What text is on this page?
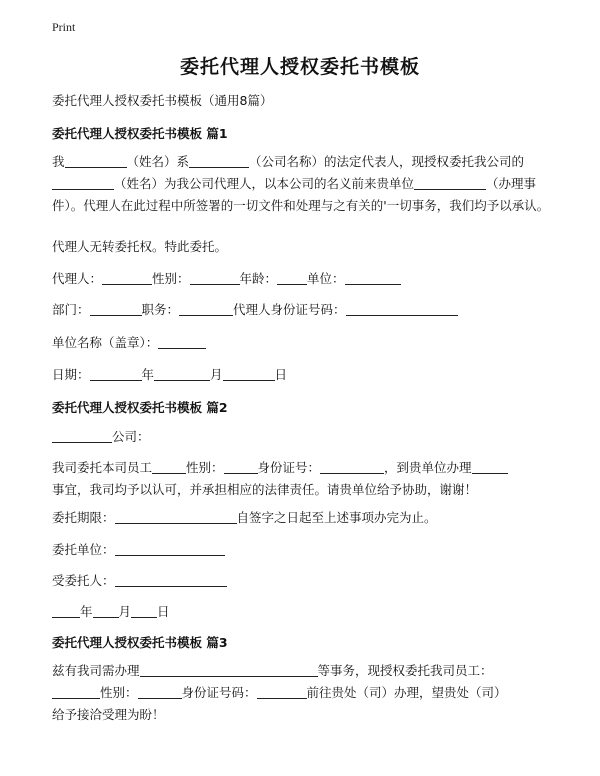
Print
委托代理人授权委托书模板
委托代理人授权委托书模板（通用8篇）
委托代理人授权委托书模板 篇1

我	（姓名）系	（公司名称）的法定代表人，现授权委托我公司的
（姓名）为我公司代理人，以本公司的名义前来贵单位	（办理事
件）。代理人在此过程中所签署的一切文件和处理与之有关的'一切事务，我们均予以承认。

代理人无转委托权。特此委托。
代理人：	性别：	年龄： 单位：
部门：	职务：	代理人身份证号码：
单位名称（盖章）：
日期：	年	月	日
委托代理人授权委托书模板 篇2
公司：

我司委托本司员工	性别：	身份证号：	，到贵单位办理
事宜，我司均予以认可，并承担相应的法律责任。请贵单位给予协助，谢谢！

委托期限：	自签字之日起至上述事项办完为止。
委托单位：
受委托人：
年 月 日
委托代理人授权委托书模板 篇3

兹有我司需办理	等事务，现授权委托我司员工：
性别：	身份证号码：	前往贵处（司）办理，望贵处（司）
给予接洽受理为盼！
